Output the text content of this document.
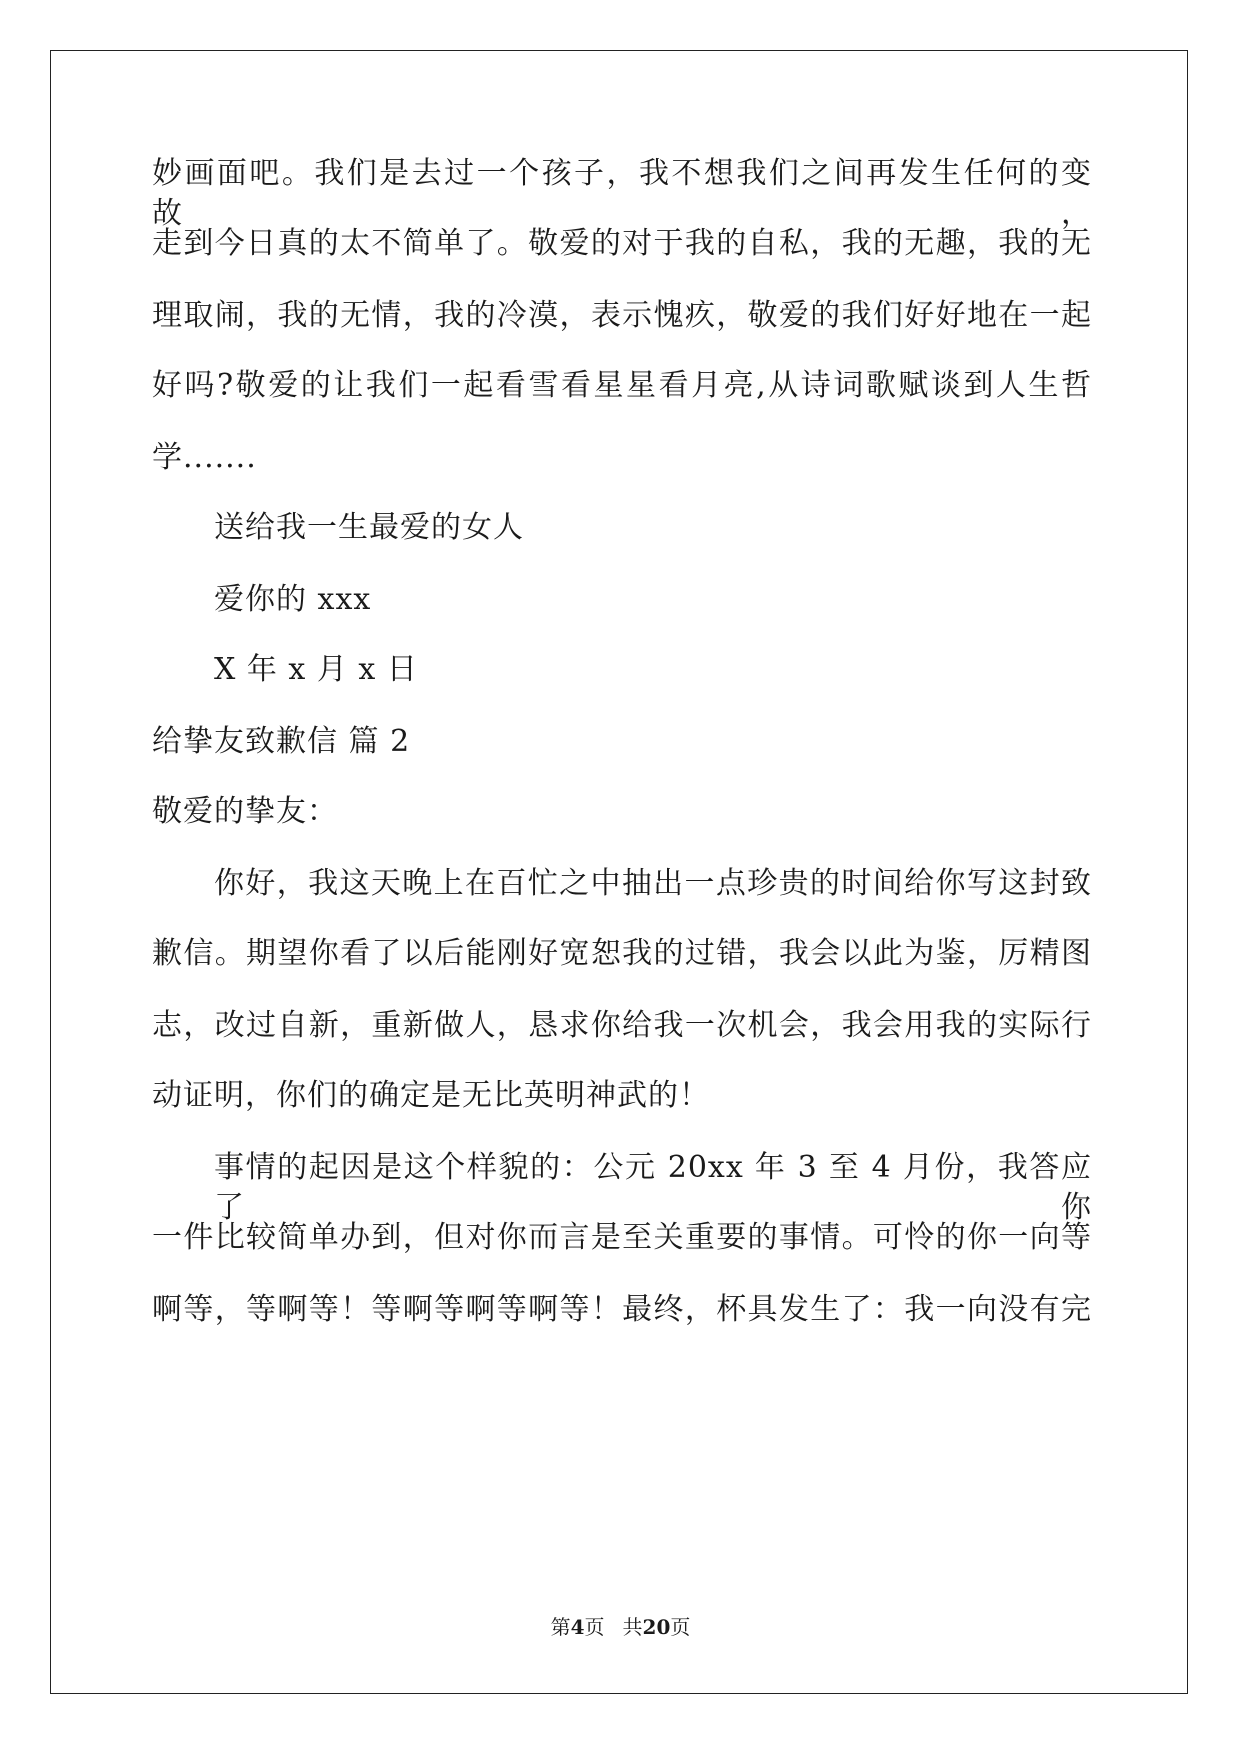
妙画面吧。我们是去过一个孩子，我不想我们之间再发生任何的变故，
走到今日真的太不简单了。敬爱的对于我的自私，我的无趣，我的无
理取闹，我的无情，我的冷漠，表示愧疚，敬爱的我们好好地在一起
好吗?敬爱的让我们一起看雪看星星看月亮,从诗词歌赋谈到人生哲
学.......
送给我一生最爱的女人
爱你的 xxx
X 年 x 月 x 日
给挚友致歉信 篇 2
敬爱的挚友：
你好，我这天晚上在百忙之中抽出一点珍贵的时间给你写这封致
歉信。期望你看了以后能刚好宽恕我的过错，我会以此为鉴，厉精图
志，改过自新，重新做人，恳求你给我一次机会，我会用我的实际行
动证明，你们的确定是无比英明神武的！
事情的起因是这个样貌的：公元 20xx 年 3 至 4 月份，我答应了你
一件比较简单办到，但对你而言是至关重要的事情。可怜的你一向等
啊等，等啊等！等啊等啊等啊等！最终，杯具发生了：我一向没有完
第4页 共20页
